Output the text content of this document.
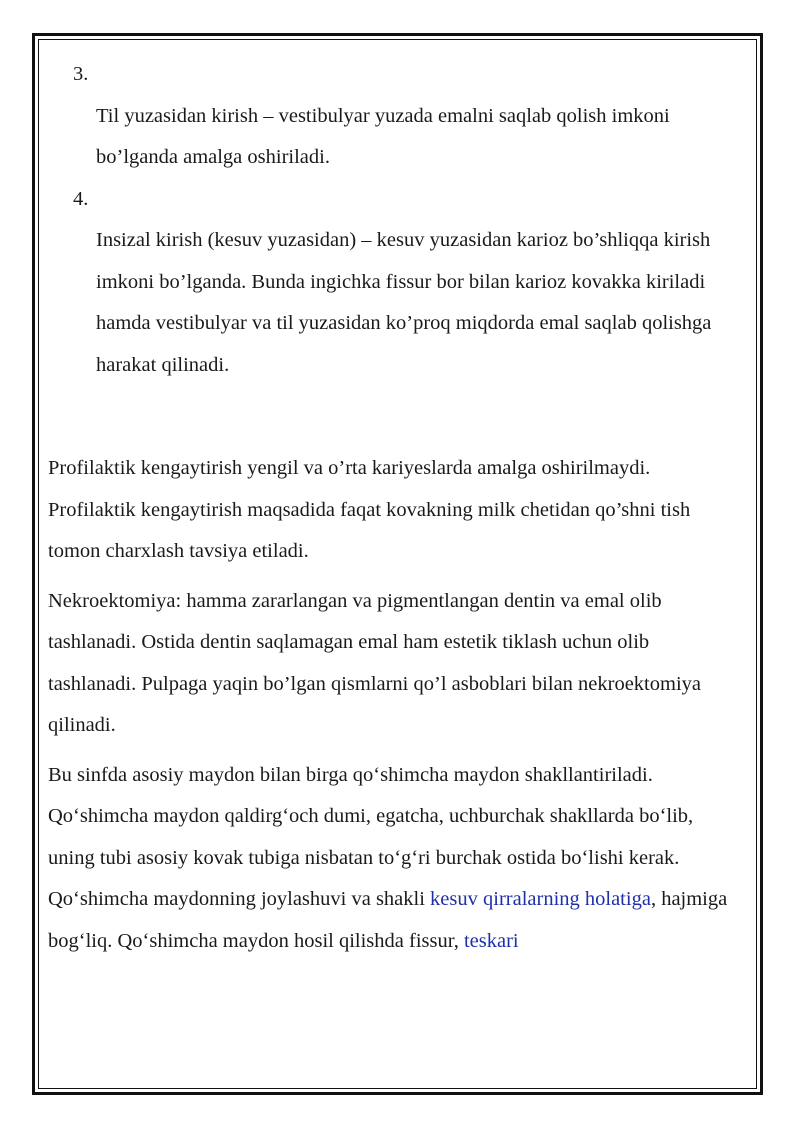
3.
Til yuzasidan kirish – vestibulyar yuzada emalni saqlab qolish imkoni bo’lganda amalga oshiriladi.
4.
Insizal kirish (kesuv yuzasidan) – kesuv yuzasidan karioz bo’shliqqa kirish imkoni bo’lganda. Bunda ingichka fissur bor bilan karioz kovakka kiriladi hamda vestibulyar va til yuzasidan ko’proq miqdorda emal saqlab qolishga harakat qilinadi.

Profilaktik kengaytirish yengil va o’rta kariyeslarda amalga oshirilmaydi. Profilaktik kengaytirish maqsadida faqat kovakning milk chetidan qo’shni tish tomon charxlash tavsiya etiladi.

Nekroektomiya: hamma zararlangan va pigmentlangan dentin va emal olib tashlanadi. Ostida dentin saqlamagan emal ham estetik tiklash uchun olib tashlanadi. Pulpaga yaqin bo’lgan qismlarni qo’l asboblari bilan nekroektomiya qilinadi.

Bu sinfda asosiy maydon bilan birga qo‘shimcha maydon shakllantiriladi. Qo‘shimcha maydon qaldirg‘och dumi, egatcha, uchburchak shakllarda bo‘lib, uning tubi asosiy kovak tubiga nisbatan to‘g‘ri burchak ostida bo‘lishi kerak. Qo‘shimcha maydonning joylashuvi va shakli kesuv qirralarning holatiga, hajmiga bog‘liq. Qo‘shimcha maydon hosil qilishda fissur, teskari
